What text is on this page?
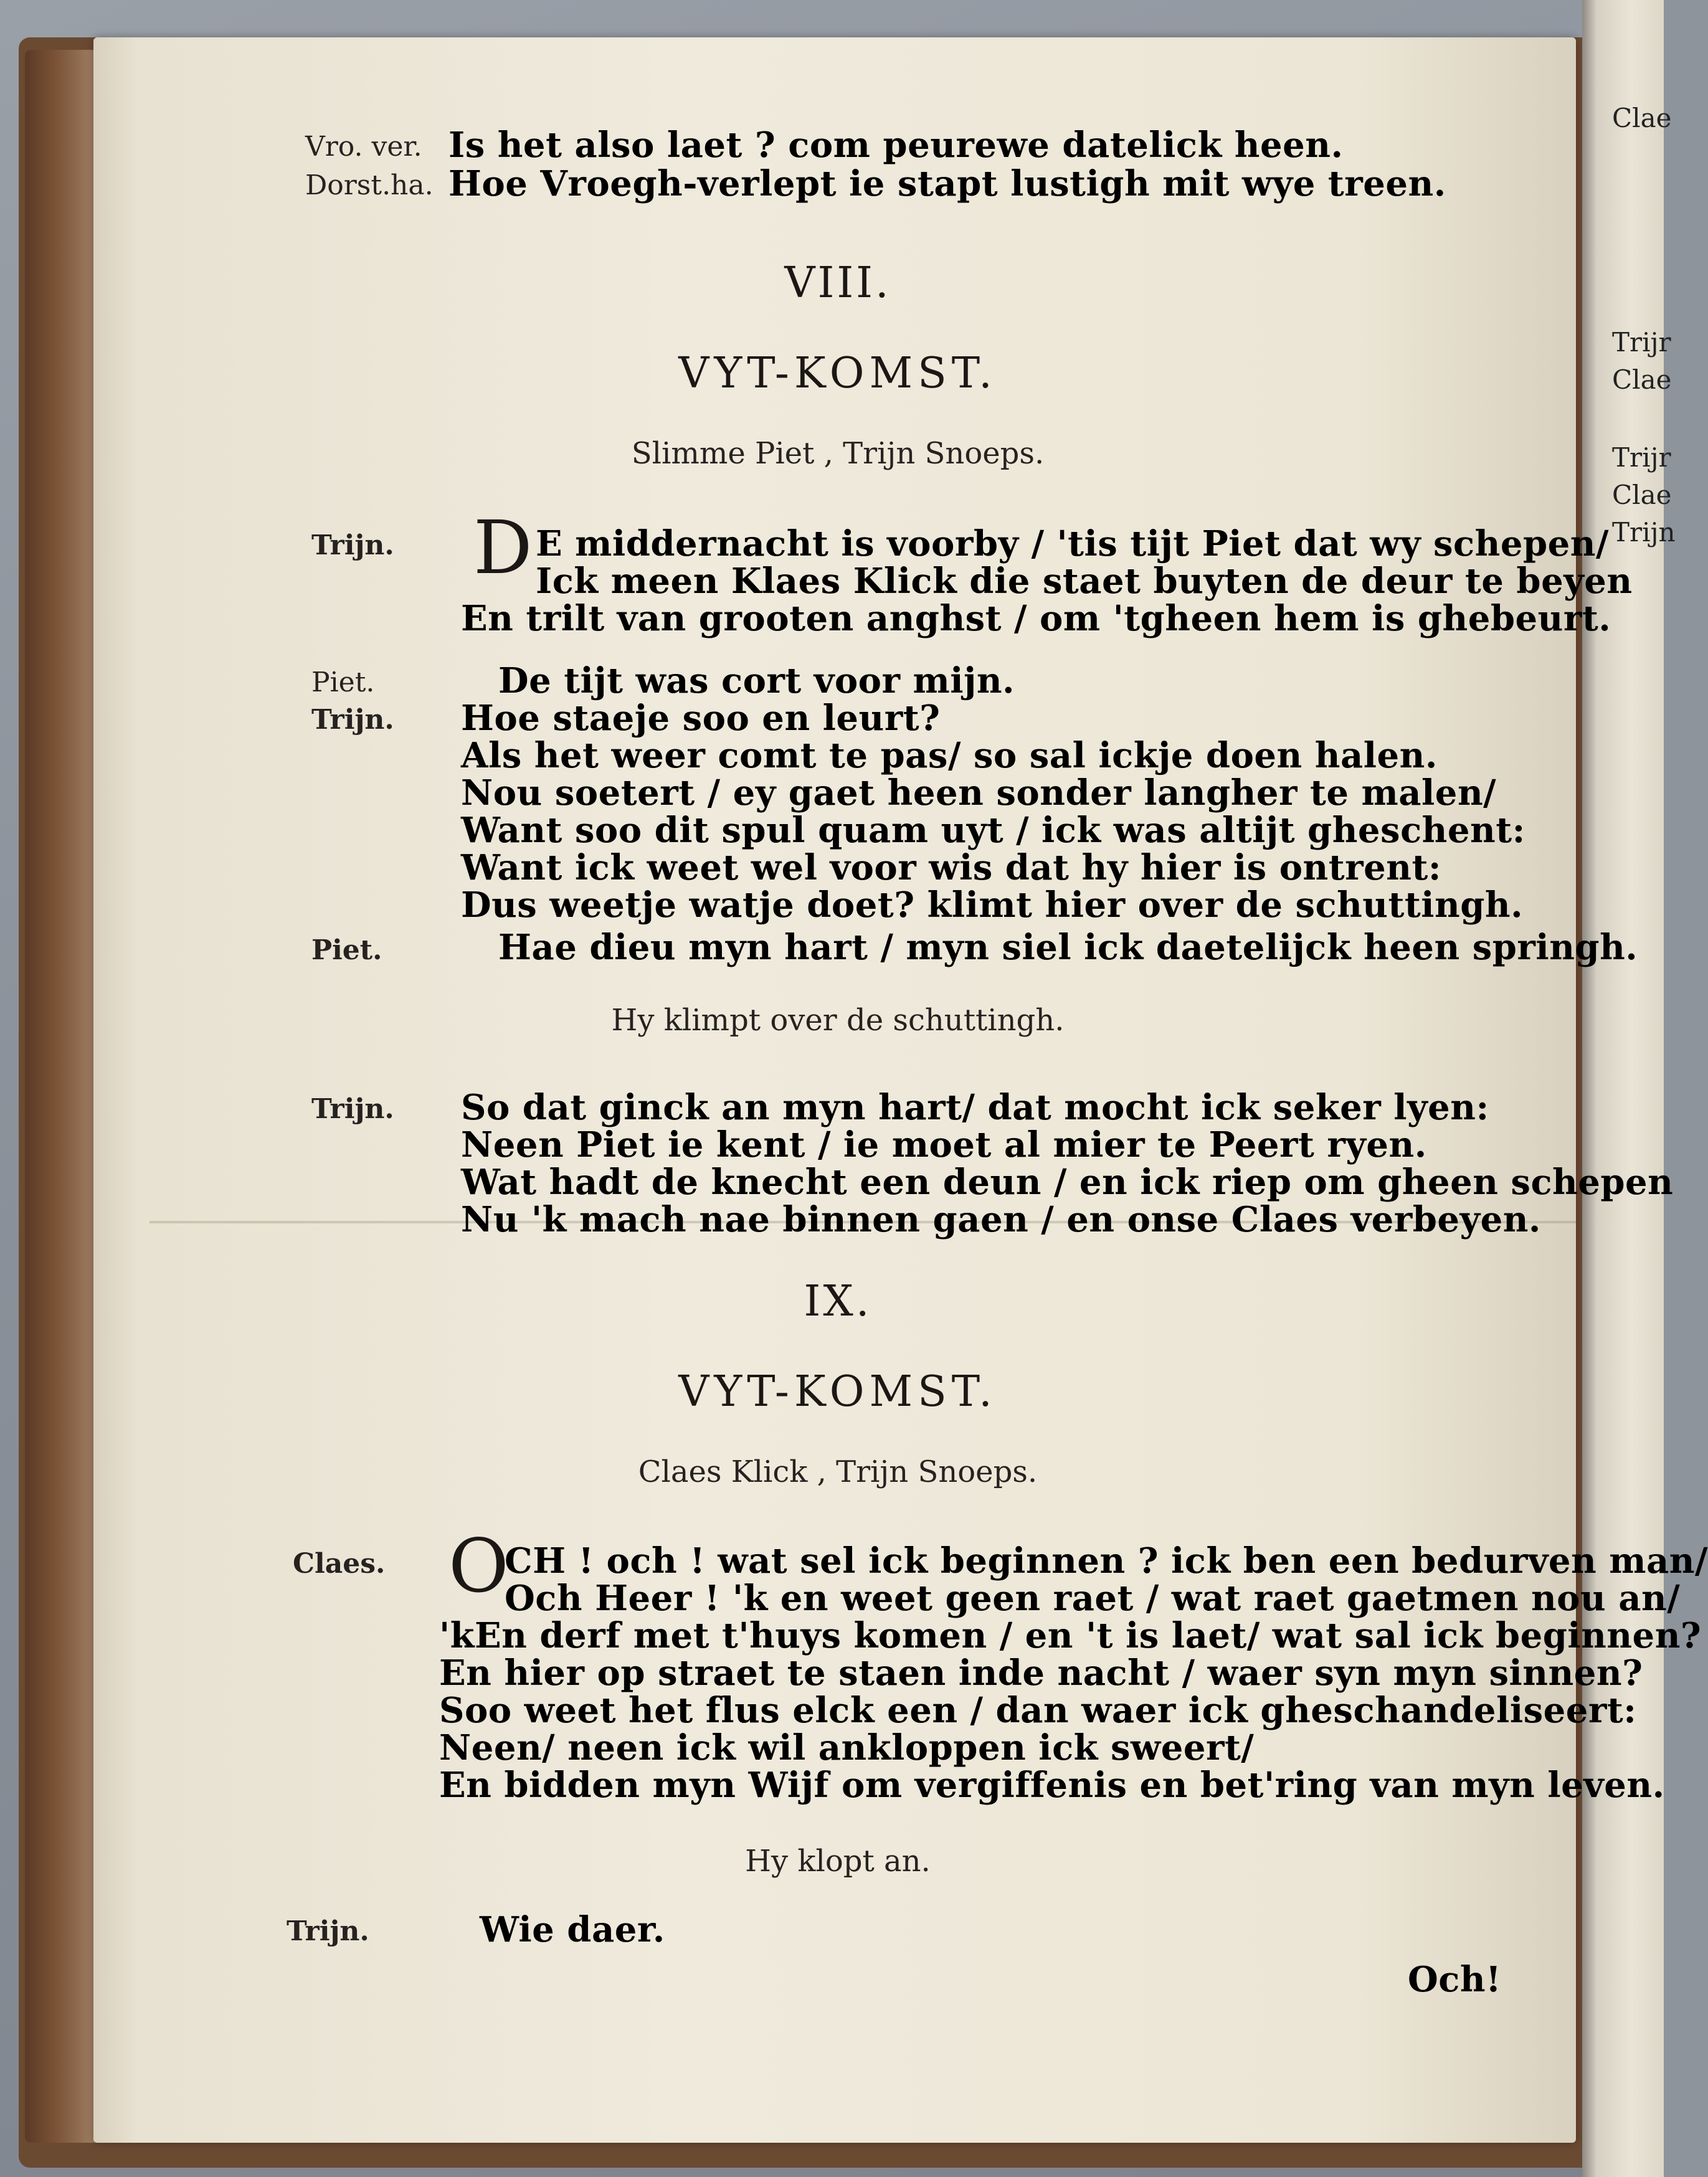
Clae
Trijr
Clae
Trijr
Clae
Trijn
Vro. ver. Is het also laet ? com peurewe datelick heen.
Dorst.ha. Hoe Vroegh-verlept ie stapt lustigh mit wye treen.
VIII.
VYT-KOMST.
Slimme Piet , Trijn Snoeps.
D
Trijn.	E middernacht is voorby / 'tis tijt Piet dat wy schepen/
Ick meen Klaes Klick die staet buyten de deur te beyen
En trilt van grooten anghst / om 'tgheen hem is ghebeurt.
Piet.	De tijt was cort voor mijn.
Trijn. Hoe staeje soo en leurt?
Als het weer comt te pas/ so sal ickje doen halen.
Nou soetert / ey gaet heen sonder langher te malen/
Want soo dit spul quam uyt / ick was altijt gheschent:
Want ick weet wel voor wis dat hy hier is ontrent:
Dus weetje watje doet? klimt hier over de schuttingh.
Piet.	Hae dieu myn hart / myn siel ick daetelijck heen springh.
Hy klimpt over de schuttingh.
Trijn. So dat ginck an myn hart/ dat mocht ick seker lyen:
Neen Piet ie kent / ie moet al mier te Peert ryen.
Wat hadt de knecht een deun / en ick riep om gheen schepen
Nu 'k mach nae binnen gaen / en onse Claes verbeyen.
IX.
VYT-KOMST.
Claes Klick , Trijn Snoeps.
O
Claes.	CH ! och ! wat sel ick beginnen ? ick ben een bedurven man/
Och Heer ! 'k en weet geen raet / wat raet gaetmen nou an/
'kEn derf met t'huys komen / en 't is laet/ wat sal ick beginnen?
En hier op straet te staen inde nacht / waer syn myn sinnen?
Soo weet het flus elck een / dan waer ick gheschandeliseert:
Neen/ neen ick wil ankloppen ick sweert/
En bidden myn Wijf om vergiffenis en bet'ring van myn leven.
Hy klopt an.
Trijn.	Wie daer.
Och!
